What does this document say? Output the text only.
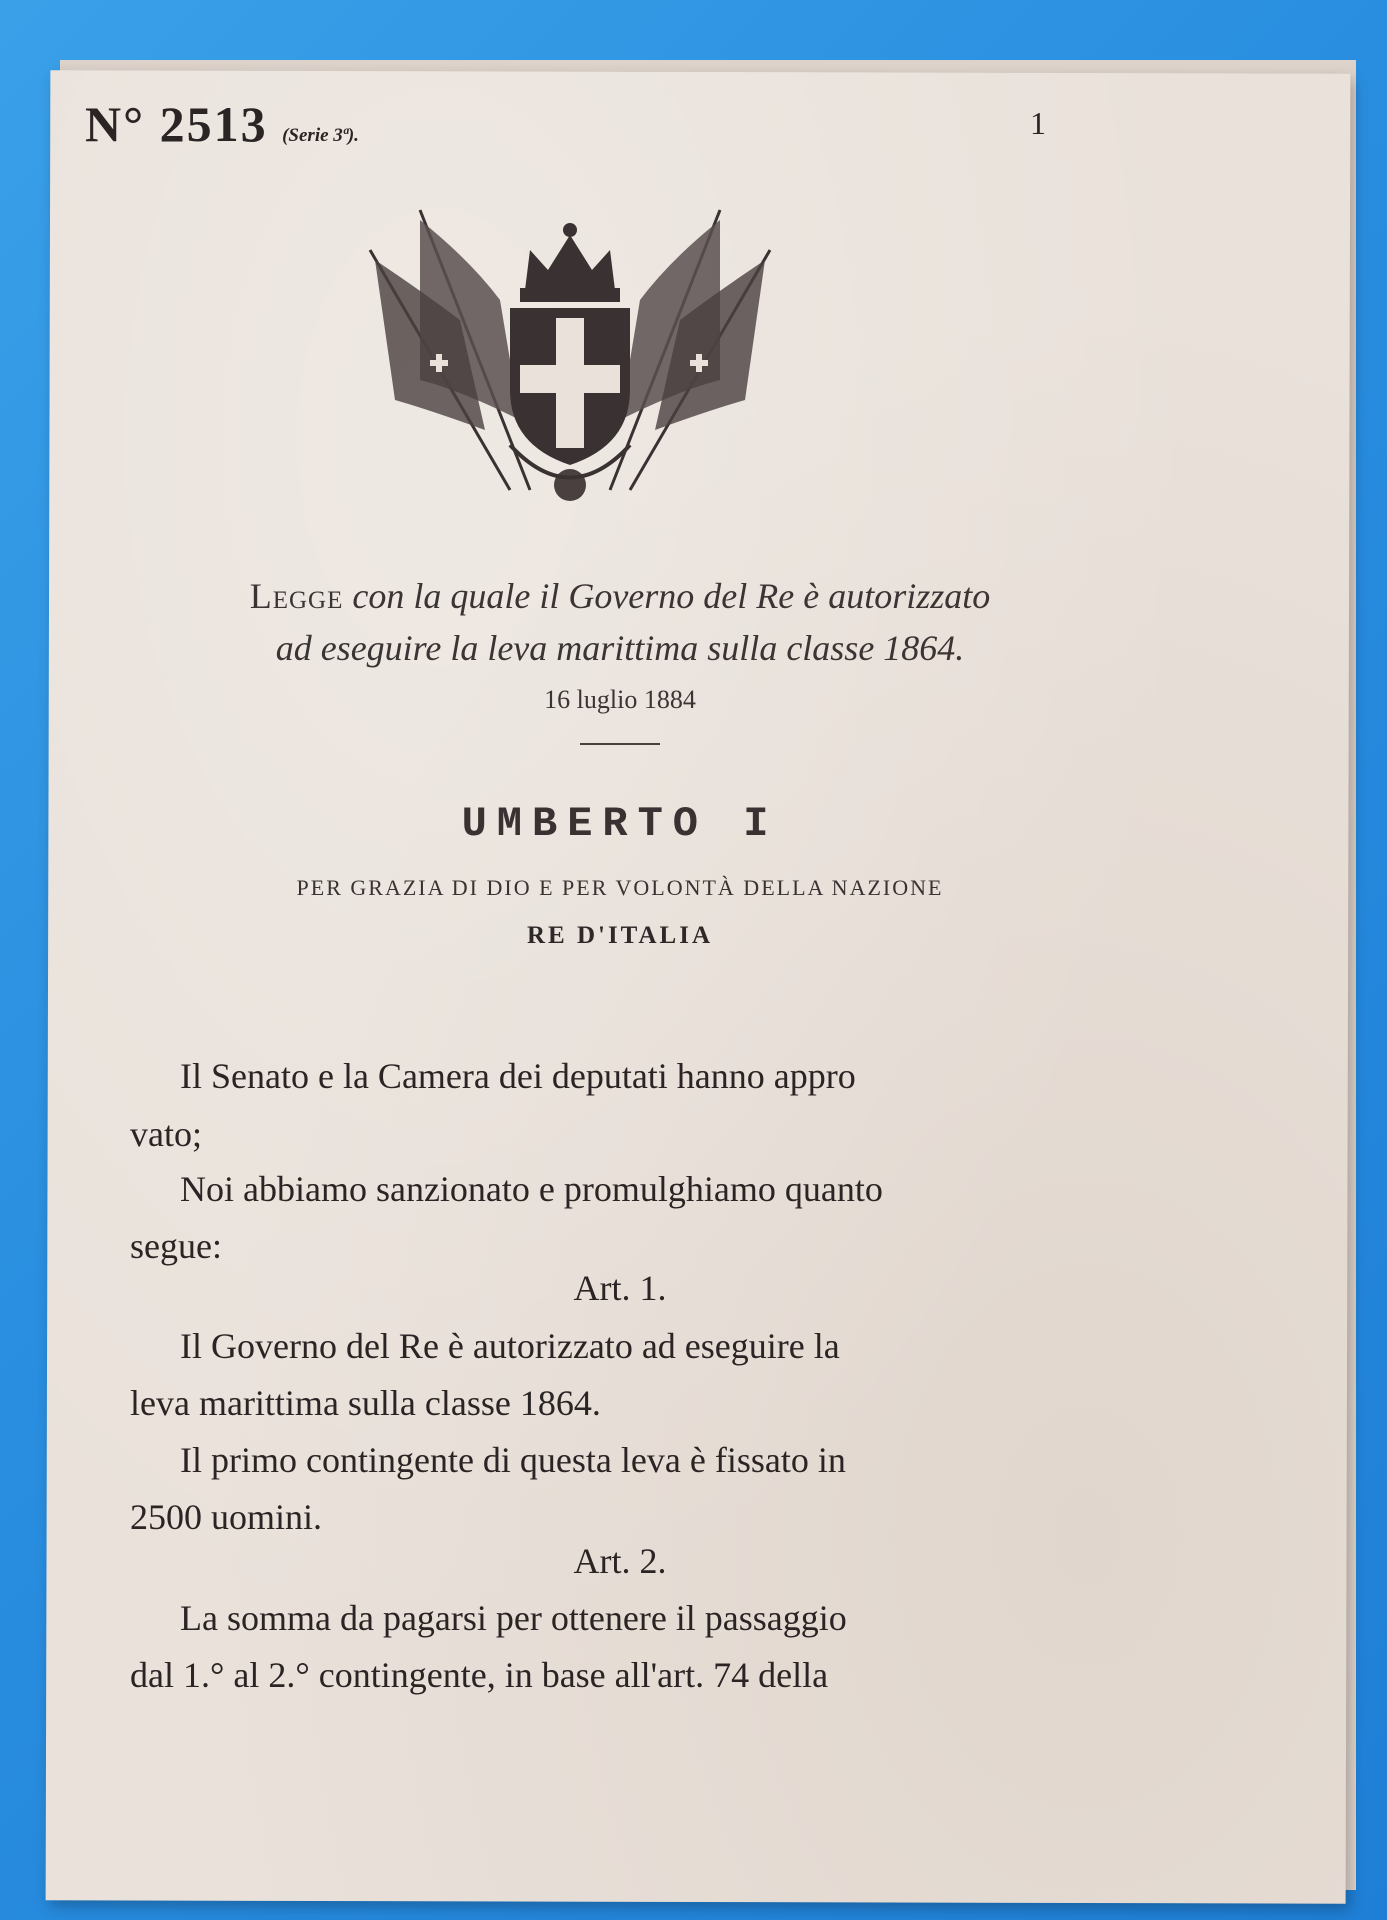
N° 2513 (Serie 3ª).	1
Legge con la quale il Governo del Re è autorizzato
ad eseguire la leva marittima sulla classe 1864.
16 luglio 1884
UMBERTO I
PER GRAZIA DI DIO E PER VOLONTÀ DELLA NAZIONE
RE D'ITALIA
Il Senato e la Camera dei deputati hanno appro
vato;
Noi abbiamo sanzionato e promulghiamo quanto
segue:
Art. 1.
Il Governo del Re è autorizzato ad eseguire la
leva marittima sulla classe 1864.
Il primo contingente di questa leva è fissato in
2500 uomini.
Art. 2.
La somma da pagarsi per ottenere il passaggio
dal 1.° al 2.° contingente, in base all'art. 74 della
